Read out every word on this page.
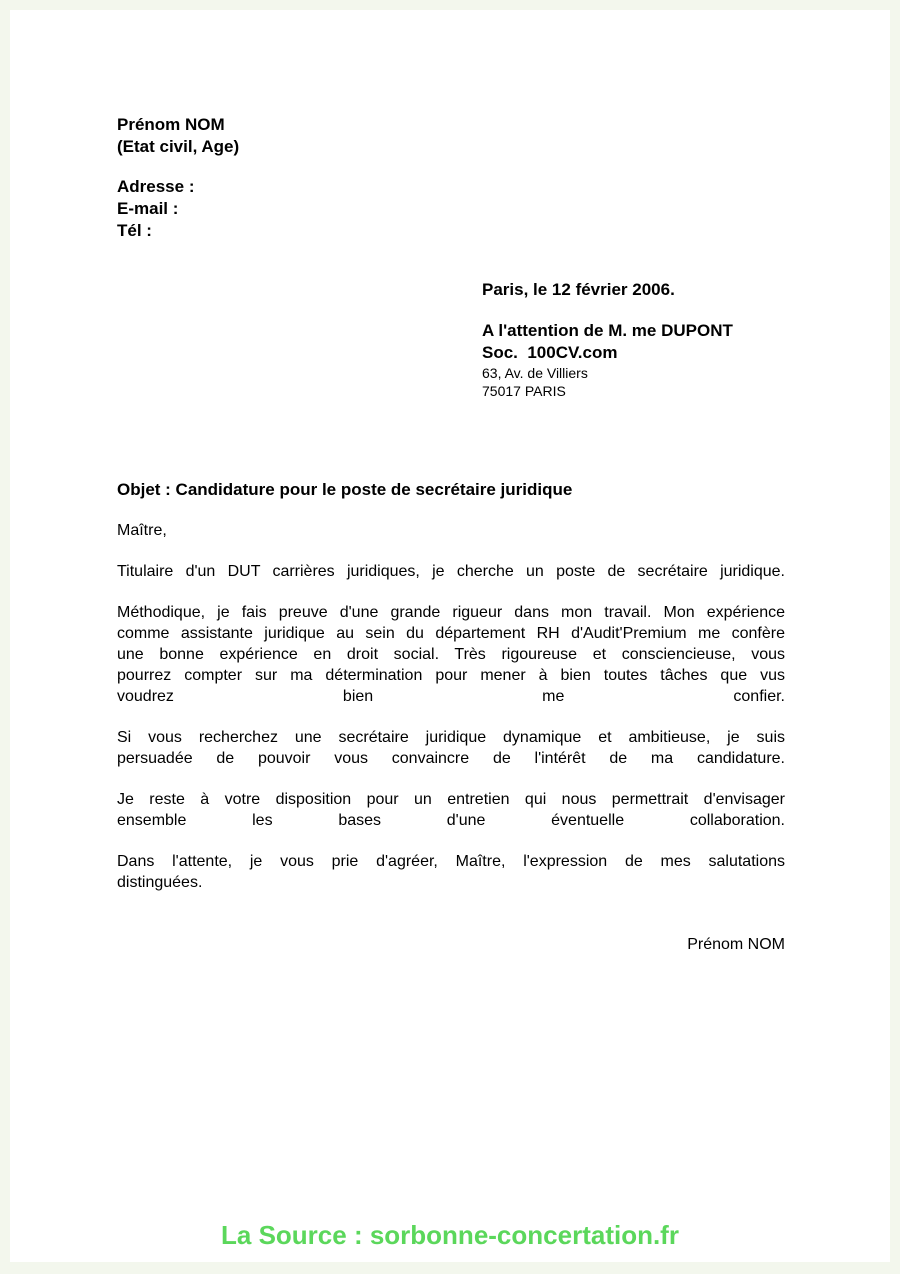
Prénom NOM
(Etat civil, Age)
Adresse :
E-mail :
Tél :
Paris, le 12 février 2006.
A l'attention de M. me DUPONT
Soc.  100CV.com
63, Av. de Villiers
75017 PARIS
Objet : Candidature pour le poste de secrétaire juridique
Maître,
Titulaire d'un DUT carrières juridiques, je cherche un poste de secrétaire juridique.
Méthodique, je fais preuve d'une grande rigueur dans mon travail. Mon expérience
comme assistante juridique au sein du département RH d'Audit'Premium me confère
une bonne expérience en droit social. Très rigoureuse et consciencieuse, vous
pourrez compter sur ma détermination pour mener à bien toutes tâches que vus
voudrez bien me confier.
Si vous recherchez une secrétaire juridique dynamique et ambitieuse, je suis
persuadée de pouvoir vous convaincre de l'intérêt de ma candidature.
Je reste à votre disposition pour un entretien qui nous permettrait d'envisager
ensemble les bases d'une éventuelle collaboration.
Dans l'attente, je vous prie d'agréer, Maître, l'expression de mes salutations
distinguées.
Prénom NOM
La Source : sorbonne-concertation.fr
